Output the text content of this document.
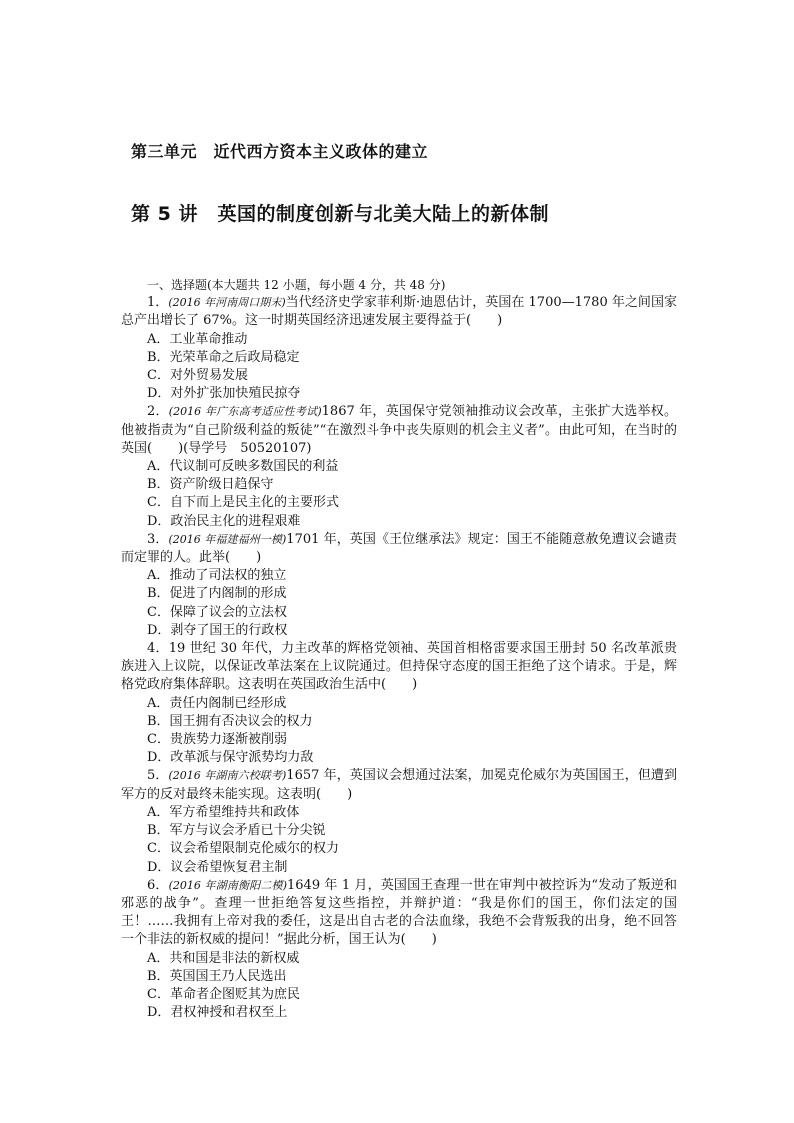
第三单元　近代西方资本主义政体的建立
第 5 讲　英国的制度创新与北美大陆上的新体制
一、选择题(本大题共 12 小题，每小题 4 分，共 48 分)
1．(2016 年河南周口期末)当代经济史学家菲利斯·迪恩估计，英国在 1700—1780 年之间国家总产出增长了 67%。这一时期英国经济迅速发展主要得益于(　　)
A．工业革命推动
B．光荣革命之后政局稳定
C．对外贸易发展
D．对外扩张加快殖民掠夺
2．(2016 年广东高考适应性考试)1867 年，英国保守党领袖推动议会改革，主张扩大选举权。他被指责为“自己阶级利益的叛徒”“在激烈斗争中丧失原则的机会主义者”。由此可知，在当时的英国(　　)(导学号　50520107)
A．代议制可反映多数国民的利益
B．资产阶级日趋保守
C．自下而上是民主化的主要形式
D．政治民主化的进程艰难
3．(2016 年福建福州一模)1701 年，英国《王位继承法》规定：国王不能随意赦免遭议会谴责而定罪的人。此举(　　)
A．推动了司法权的独立
B．促进了内阁制的形成
C．保障了议会的立法权
D．剥夺了国王的行政权
4．19 世纪 30 年代，力主改革的辉格党领袖、英国首相格雷要求国王册封 50 名改革派贵族进入上议院，以保证改革法案在上议院通过。但持保守态度的国王拒绝了这个请求。于是，辉格党政府集体辞职。这表明在英国政治生活中(　　)
A．责任内阁制已经形成
B．国王拥有否决议会的权力
C．贵族势力逐渐被削弱
D．改革派与保守派势均力敌
5．(2016 年湖南六校联考)1657 年，英国议会想通过法案，加冕克伦威尔为英国国王，但遭到军方的反对最终未能实现。这表明(　　)
A．军方希望维持共和政体
B．军方与议会矛盾已十分尖锐
C．议会希望限制克伦威尔的权力
D．议会希望恢复君主制
6．(2016 年湖南衡阳二模)1649 年 1 月，英国国王查理一世在审判中被控诉为“发动了叛逆和邪恶的战争”。查理一世拒绝答复这些指控，并辩护道：“我是你们的国王，你们法定的国王！……我拥有上帝对我的委任，这是出自古老的合法血缘，我绝不会背叛我的出身，绝不回答一个非法的新权威的提问！”据此分析，国王认为(　　)
A．共和国是非法的新权威
B．英国国王乃人民选出
C．革命者企图贬其为庶民
D．君权神授和君权至上
